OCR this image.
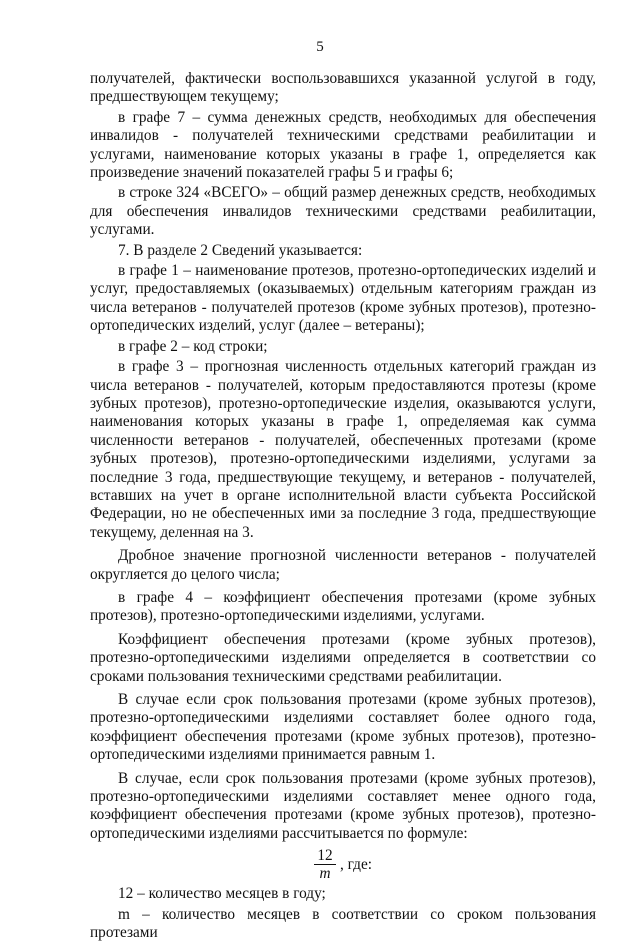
5

получателей, фактически воспользовавшихся указанной услугой в году, предшествующем текущему;

в графе 7 – сумма денежных средств, необходимых для обеспечения инвалидов - получателей техническими средствами реабилитации и услугами, наименование которых указаны в графе 1, определяется как произведение значений показателей графы 5 и графы 6;

в строке 324 «ВСЕГО» – общий размер денежных средств, необходимых для обеспечения инвалидов техническими средствами реабилитации, услугами.

7. В разделе 2 Сведений указывается:

в графе 1 – наименование протезов, протезно-ортопедических изделий и услуг, предоставляемых (оказываемых) отдельным категориям граждан из числа ветеранов - получателей протезов (кроме зубных протезов), протезно-ортопедических изделий, услуг (далее – ветераны);

в графе 2 – код строки;

в графе 3 – прогнозная численность отдельных категорий граждан из числа ветеранов - получателей, которым предоставляются протезы (кроме зубных протезов), протезно-ортопедические изделия, оказываются услуги, наименования которых указаны в графе 1, определяемая как сумма численности ветеранов - получателей, обеспеченных протезами (кроме зубных протезов), протезно-ортопедическими изделиями, услугами за последние 3 года, предшествующие текущему, и ветеранов - получателей, вставших на учет в органе исполнительной власти субъекта Российской Федерации, но не обеспеченных ими за последние 3 года, предшествующие текущему, деленная на 3.

Дробное значение прогнозной численности ветеранов - получателей округляется до целого числа;

в графе 4 – коэффициент обеспечения протезами (кроме зубных протезов), протезно-ортопедическими изделиями, услугами.

Коэффициент обеспечения протезами (кроме зубных протезов), протезно-ортопедическими изделиями определяется в соответствии со сроками пользования техническими средствами реабилитации.

В случае если срок пользования протезами (кроме зубных протезов), протезно-ортопедическими изделиями составляет более одного года, коэффициент обеспечения протезами (кроме зубных протезов), протезно-ортопедическими изделиями принимается равным 1.

В случае, если срок пользования протезами (кроме зубных протезов), протезно-ортопедическими изделиями составляет менее одного года, коэффициент обеспечения протезами (кроме зубных протезов), протезно-ортопедическими изделиями рассчитывается по формуле:

$\frac{12}{m}$ , где:

12 – количество месяцев в году;

m – количество месяцев в соответствии со сроком пользования протезами
